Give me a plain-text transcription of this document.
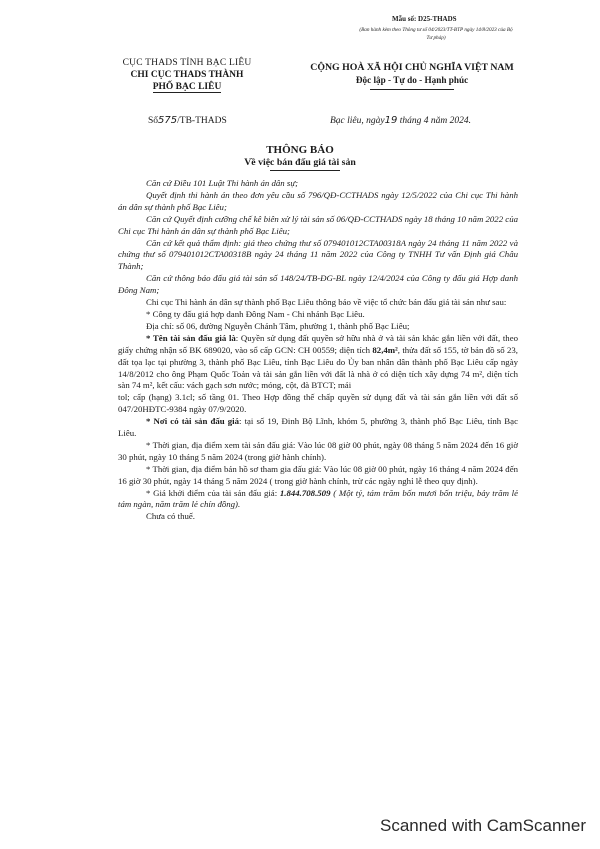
Mẫu số: D25-THADS
(Ban hành kèm theo Thông tư số 04/2023/TT-BTP ngày 14/8/2023 của Bộ Tư pháp)
CỤC THADS TỈNH BẠC LIÊU
CHI CỤC THADS THÀNH
PHỐ BẠC LIÊU
CỘNG HOÀ XÃ HỘI CHỦ NGHĨA VIỆT NAM
Độc lập - Tự do - Hạnh phúc
Số575/TB-THADS	Bạc liêu, ngày19 tháng 4 năm 2024.
THÔNG BÁO
Về việc bán đấu giá tài sản

Căn cứ Điều 101 Luật Thi hành án dân sự;

Quyết định thi hành án theo đơn yêu cầu số 796/QĐ-CCTHADS ngày 12/5/2022 của Chi cục Thi hành án dân sự thành phố Bạc Liêu;

Căn cứ Quyết định cưỡng chế kê biên xử lý tài sản số 06/QĐ-CCTHADS ngày 18 tháng 10 năm 2022 của Chi cục Thi hành án dân sự thành phố Bạc Liêu;

Căn cứ kết quả thẩm định: giá theo chứng thư số 079401012CTA00318A ngày 24 tháng 11 năm 2022 và chứng thư số 079401012CTA00318B ngày 24 tháng 11 năm 2022 của Công ty TNHH Tư vấn Định giá Châu Thành;

Căn cứ thông báo đấu giá tài sản số 148/24/TB-ĐG-BL ngày 12/4/2024 của Công ty đấu giá Hợp danh Đông Nam;

Chi cục Thi hành án dân sự thành phố Bạc Liêu thông báo về việc tổ chức bán đấu giá tài sản như sau:

* Công ty đấu giá hợp danh Đông Nam - Chi nhánh Bạc Liêu.

Địa chỉ: số 06, đường Nguyễn Chánh Tâm, phường 1, thành phố Bạc Liêu;

* Tên tài sản đấu giá là: Quyền sử dụng đất quyền sở hữu nhà ở và tài sản khác gắn liền với đất, theo giấy chứng nhận số BK 689020, vào sổ cấp GCN: CH 00559; diện tích 82,4m², thửa đất số 155, tờ bản đồ số 23, đất tọa lạc tại phường 3, thành phố Bạc Liêu, tỉnh Bạc Liêu do Ủy ban nhân dân thành phố Bạc Liêu cấp ngày 14/8/2012 cho ông Phạm Quốc Toản và tài sản gắn liền với đất là nhà ở có diện tích xây dựng 74 m², diện tích sàn 74 m², kết cấu: vách gạch sơn nước; móng, cột, đà BTCT; mái

tol; cấp (hạng) 3.1cl; số tầng 01. Theo Hợp đồng thế chấp quyền sử dụng đất và tài sản gắn liền với đất số 047/20HĐTC-9384 ngày 07/9/2020.

* Nơi có tài sản đấu giá: tại số 19, Đinh Bộ Lĩnh, khóm 5, phường 3, thành phố Bạc Liêu, tỉnh Bạc Liêu.

* Thời gian, địa điểm xem tài sản đấu giá: Vào lúc 08 giờ 00 phút, ngày 08 tháng 5 năm 2024 đến 16 giờ 30 phút, ngày 10 tháng 5 năm 2024 (trong giờ hành chính).

* Thời gian, địa điểm bán hồ sơ tham gia đấu giá: Vào lúc 08 giờ 00 phút, ngày 16 tháng 4 năm 2024 đến 16 giờ 30 phút, ngày 14 tháng 5 năm 2024 ( trong giờ hành chính, trừ các ngày nghỉ lễ theo quy định).

* Giá khởi điểm của tài sản đấu giá: 1.844.708.509 ( Một tỷ, tám trăm bốn mươi bốn triệu, bảy trăm lẻ tám ngàn, năm trăm lẻ chín đồng).

Chưa có thuế.

Scanned with CamScanner
